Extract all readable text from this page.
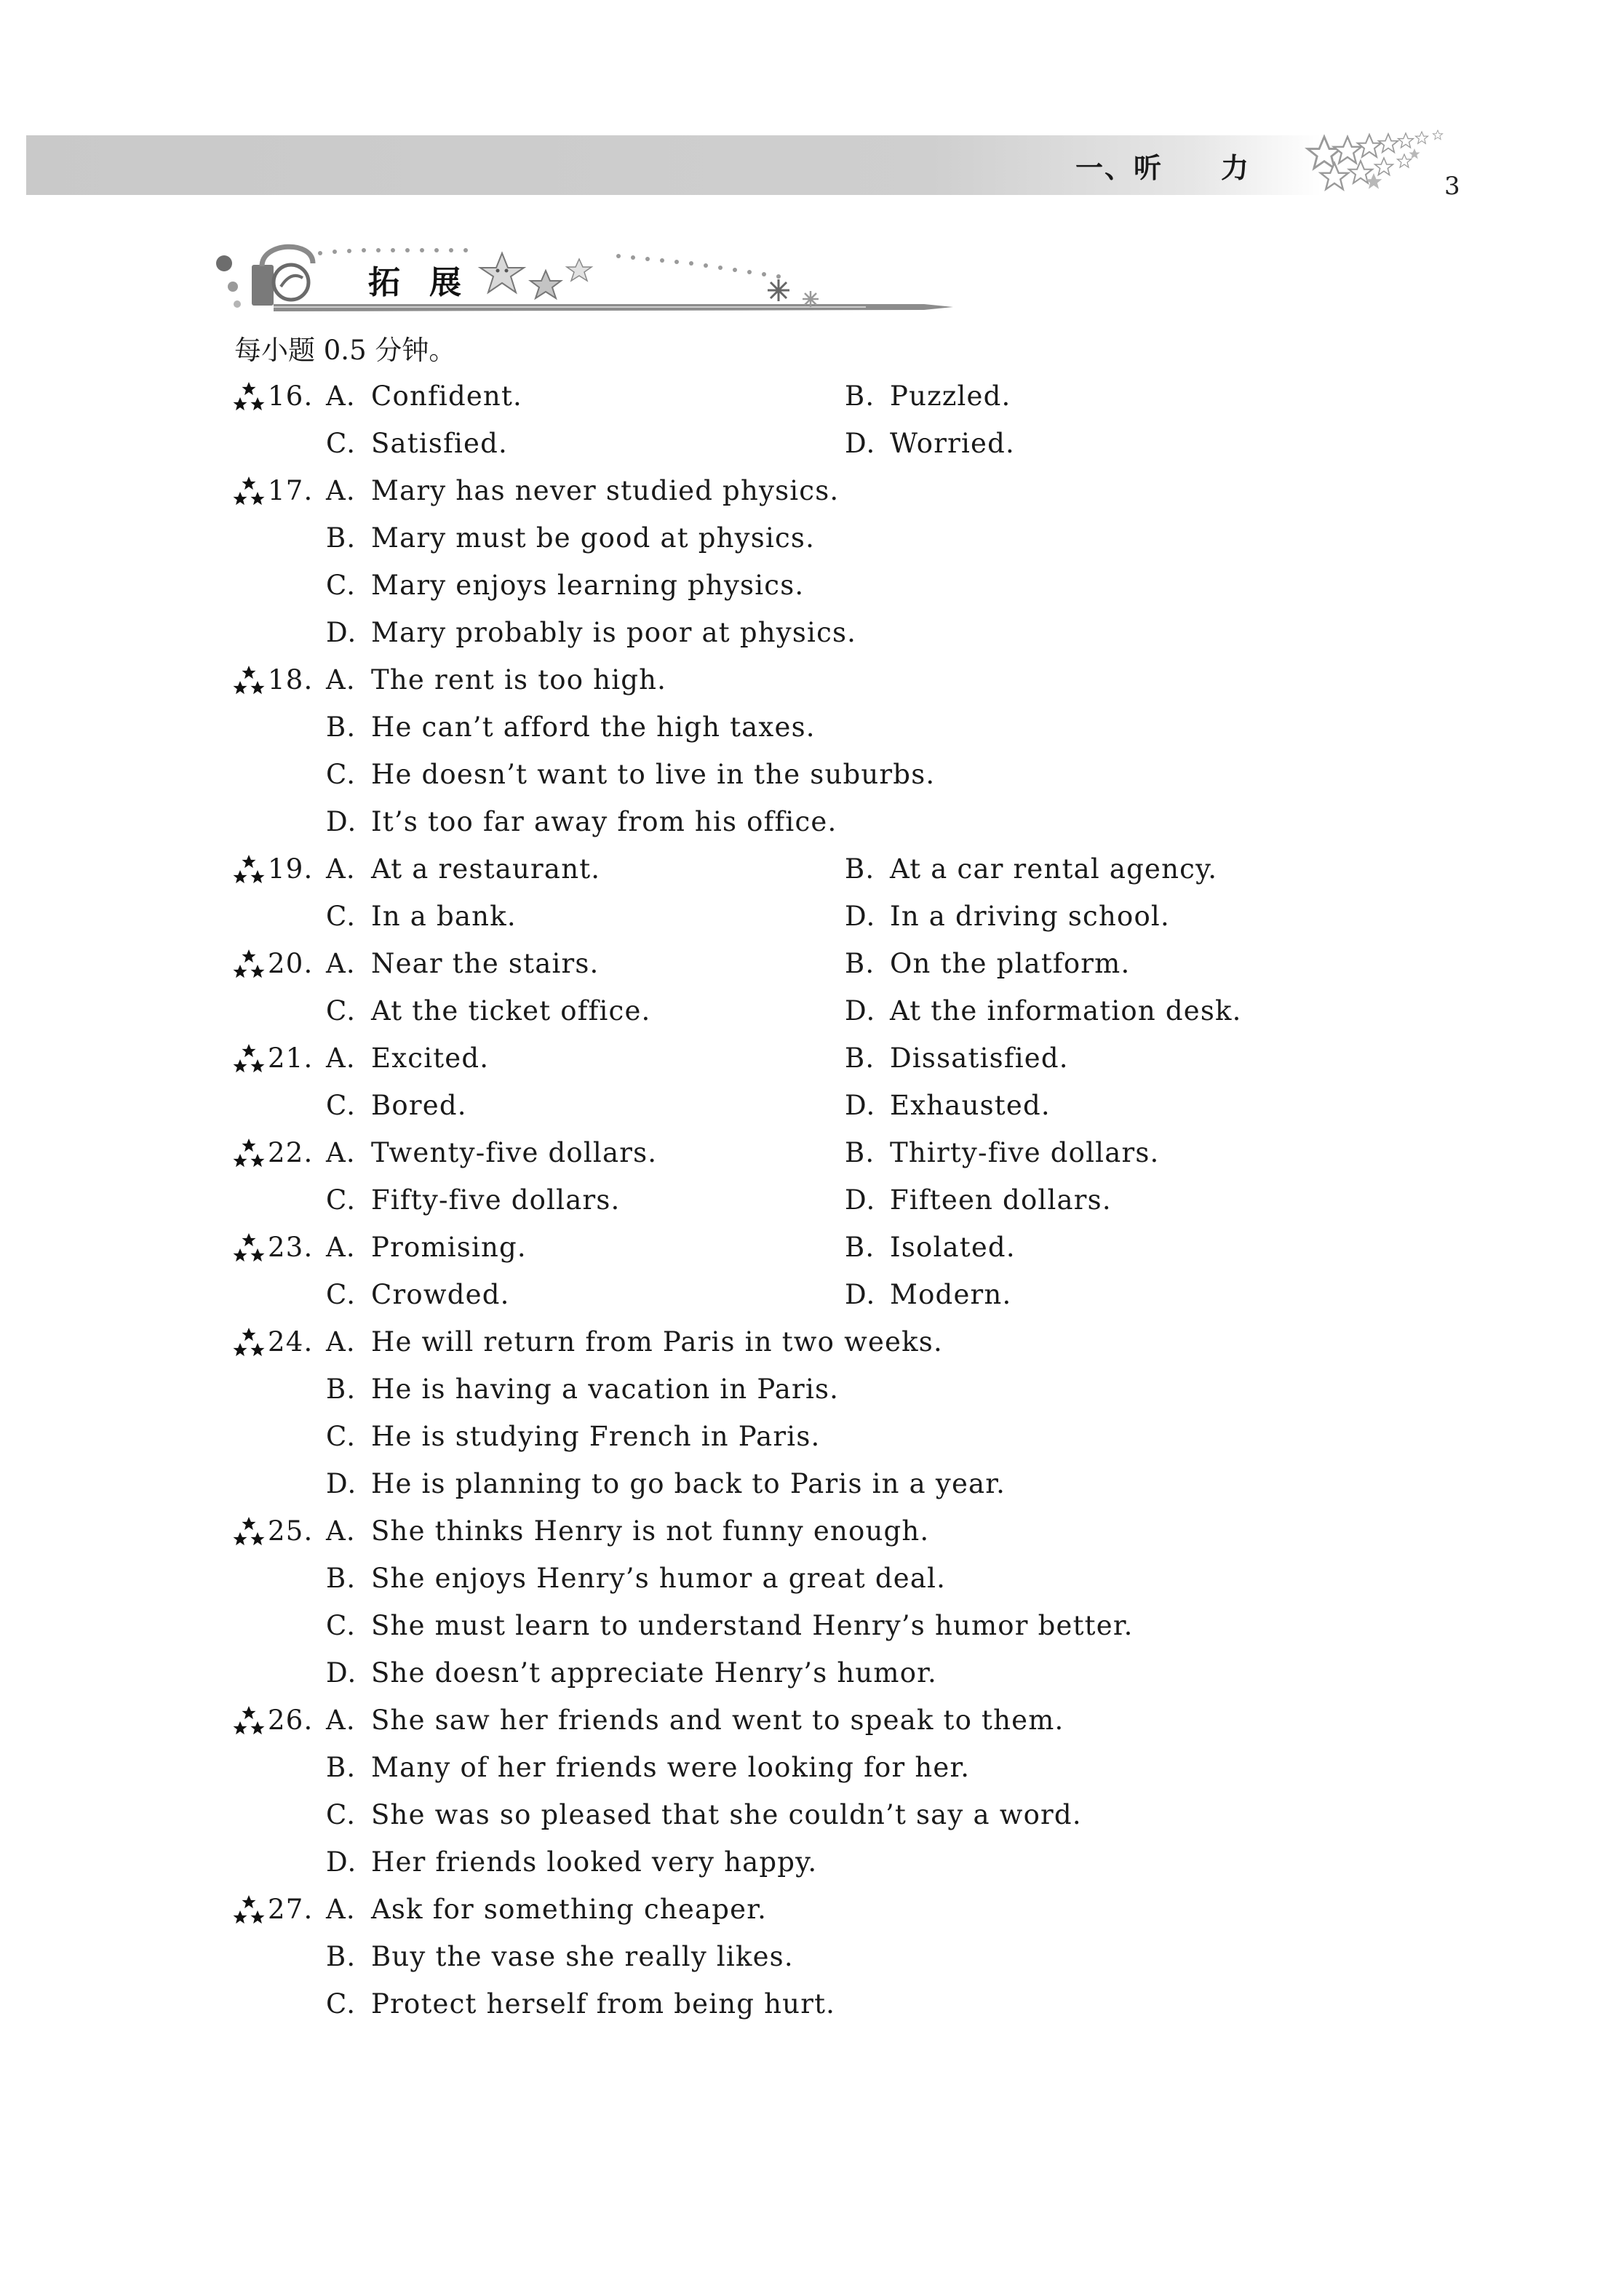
一、听　　力
3
拓展
每小题 0.5 分钟。
16. A. Confident.	B. Puzzled.
C. Satisfied.	D. Worried.
17. A. Mary has never studied physics.
B. Mary must be good at physics.
C. Mary enjoys learning physics.
D. Mary probably is poor at physics.
18. A. The rent is too high.
B. He can’t afford the high taxes.
C. He doesn’t want to live in the suburbs.
D. It’s too far away from his office.
19. A. At a restaurant.	B. At a car rental agency.
C. In a bank.	D. In a driving school.
20. A. Near the stairs.	B. On the platform.
C. At the ticket office.	D. At the information desk.
21. A. Excited.	B. Dissatisfied.
C. Bored.	D. Exhausted.
22. A. Twenty-five dollars.	B. Thirty-five dollars.
C. Fifty-five dollars.	D. Fifteen dollars.
23. A. Promising.	B. Isolated.
C. Crowded.	D. Modern.
24. A. He will return from Paris in two weeks.
B. He is having a vacation in Paris.
C. He is studying French in Paris.
D. He is planning to go back to Paris in a year.
25. A. She thinks Henry is not funny enough.
B. She enjoys Henry’s humor a great deal.
C. She must learn to understand Henry’s humor better.
D. She doesn’t appreciate Henry’s humor.
26. A. She saw her friends and went to speak to them.
B. Many of her friends were looking for her.
C. She was so pleased that she couldn’t say a word.
D. Her friends looked very happy.
27. A. Ask for something cheaper.
B. Buy the vase she really likes.
C. Protect herself from being hurt.
